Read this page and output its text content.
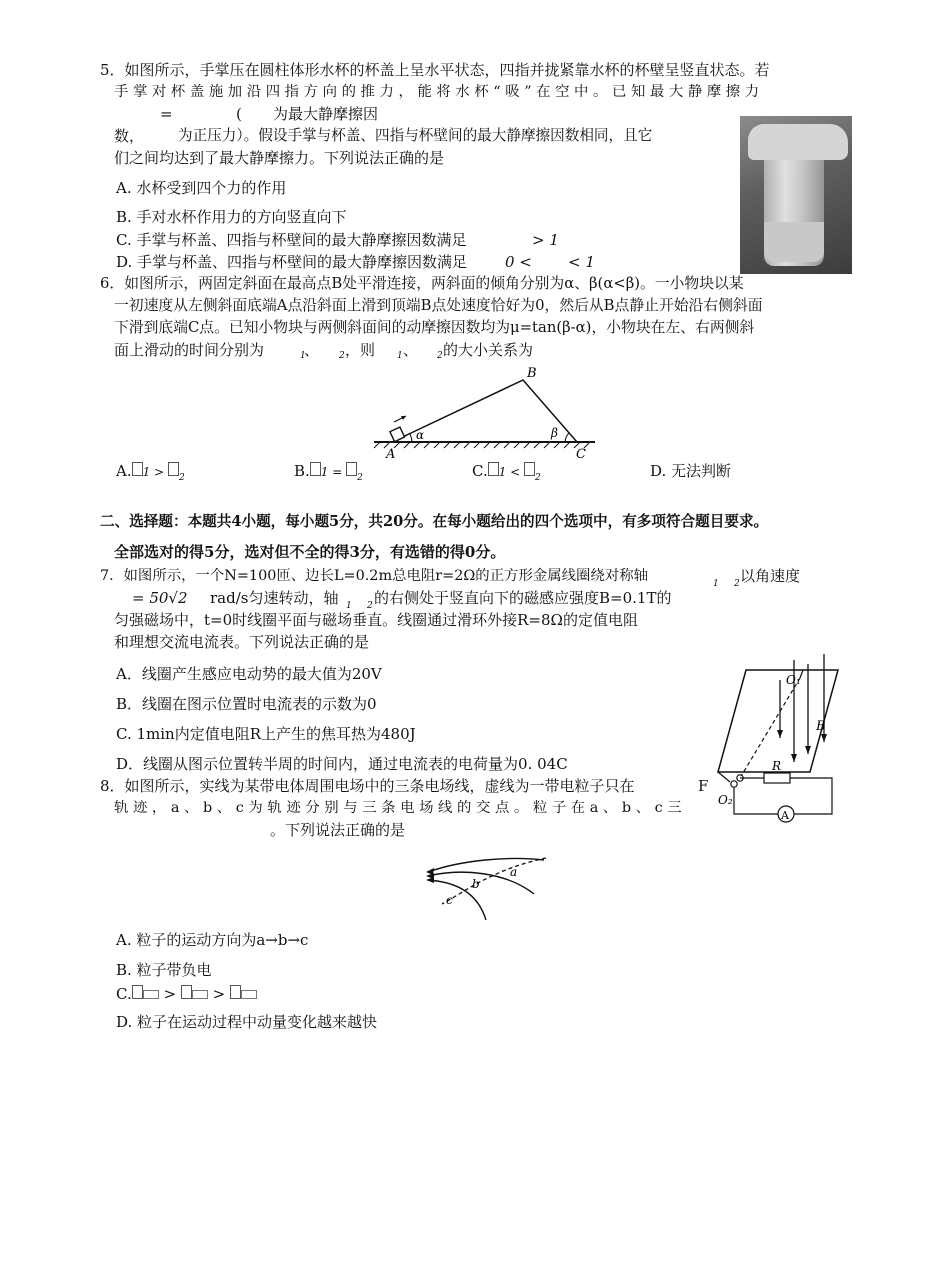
5．如图所示，手掌压在圆柱体形水杯的杯盖上呈水平状态，四指并拢紧靠水杯的杯壁呈竖直状态。若
手 掌 对 杯 盖 施 加 沿 四 指 方 向 的 推 力 ， 能 将 水 杯 “ 吸 ” 在 空 中 。 已 知 最 大 静 摩 擦 力
=	( 为最大静摩擦因
数， 为正压力）。假设手掌与杯盖、四指与杯壁间的最大静摩擦因数相同，且它
们之间均达到了最大静摩擦力。下列说法正确的是
A. 水杯受到四个力的作用
B. 手对水杯作用力的方向竖直向下
C. 手掌与杯盖、四指与杯壁间的最大静摩擦因数满足	> 1
D. 手掌与杯盖、四指与杯壁间的最大静摩擦因数满足	0 < < 1
6．如图所示，两固定斜面在最高点B处平滑连接，两斜面的倾角分别为α、β(α<β)。一小物块以某
一初速度从左侧斜面底端A点沿斜面上滑到顶端B点处速度恰好为0，然后从B点静止开始沿右侧斜面
下滑到底端C点。已知小物块与两侧斜面间的动摩擦因数均为μ=tan(β-α)，小物块在左、右两侧斜
面上滑动的时间分别为	1
、 2 ，则 1 、 2 的大小关系为
A
B
C
α	β
A. 1 > $_2$	B. 1 = $_2$	C. 1 < $_2$	D. 无法判断
二、选择题：本题共4小题，每小题5分，共20分。在每小题给出的四个选项中，有多项符合题目要求。
全部选对的得5分，选对但不全的得3分，有选错的得0分。
7．如图所示，一个N=100匝、边长L=0.2m总电阻r=2Ω的正方形金属线圈绕对称轴	1 2 以角速度
= 50√2 rad/s匀速转动，轴 1 2 的右侧处于竖直向下的磁感应强度B=0.1T的
匀强磁场中，t=0时线圈平面与磁场垂直。线圈通过滑环外接R=8Ω的定值电阻
和理想交流电流表。下列说法正确的是
A．线圈产生感应电动势的最大值为20V
B．线圈在图示位置时电流表的示数为0
C. 1min内定值电阻R上产生的焦耳热为480J
D．线圈从图示位置转半周的时间内，通过电流表的电荷量为0. 04C
O₁
O₂
B
R
A
8．如图所示，实线为某带电体周围电场中的三条电场线，虚线为一带电粒子只在	F
轨 迹 ， a 、 b 、 c 为 轨 迹 分 别 与 三 条 电 场 线 的 交 点 。 粒 子 在 a 、 b 、 c 三
。下列说法正确的是
a
b
c
A. 粒子的运动方向为a→b→c
B. 粒子带负电
C. >  >
D. 粒子在运动过程中动量变化越来越快
